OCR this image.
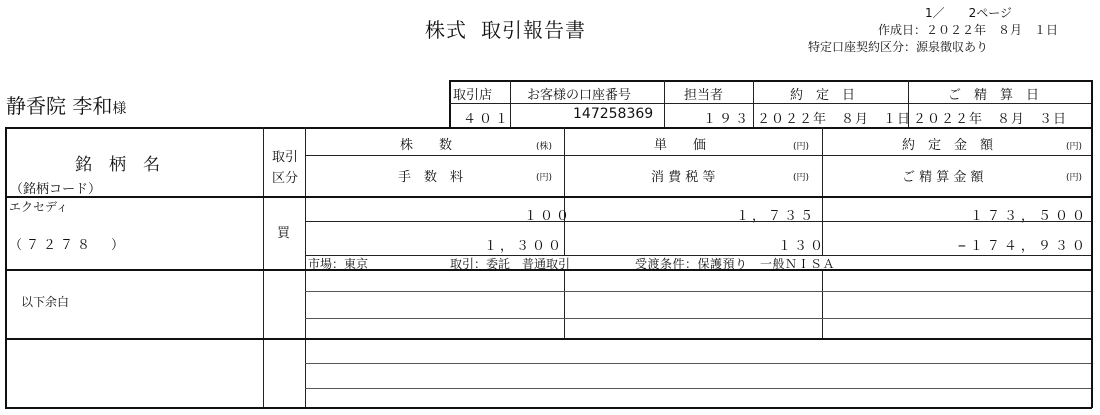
株式 取引報告書
1／　　2ページ
作成日：２０２２年　８月　１日
特定口座契約区分：源泉徴収あり
静香院 李和様
取引店	お客様の口座番号	担当者	約　定　日	ご　精　算　日
４０１	147258369	１９３ ２０２２年　８月　１日 ２０２２年　８月　３日
銘　柄　名
（銘柄コード）
取引
区分
株　　数	(株)	単　　価	(円)	約　定　金　額	(円)
手　数　料	(円)	消 費 税 等	(円)	ご 精 算 金 額	(円)
エクセディ
（７２７８　）
買
１００	１，７３５	１７３，５００
１，３００	１３０	−１７４，９３０
市場：東京	取引：委託　普通取引	受渡条件：保護預り　一般ＮＩＳＡ
以下余白
